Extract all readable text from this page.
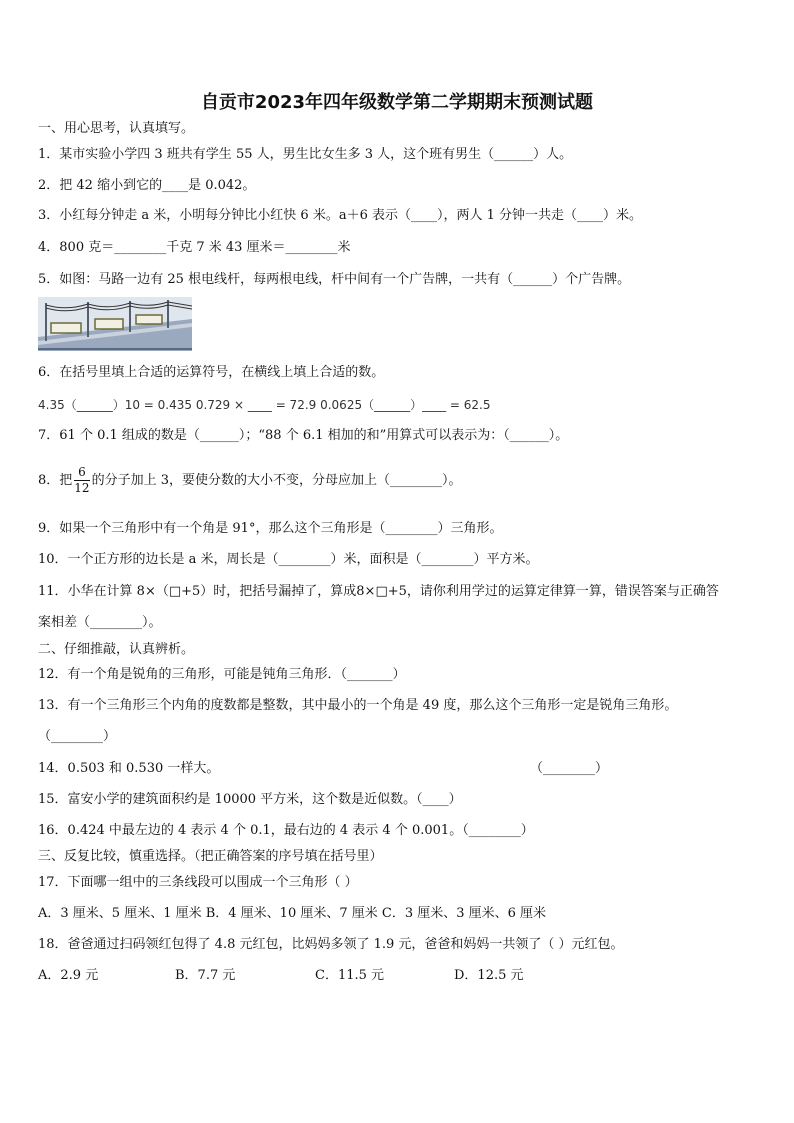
自贡市2023年四年级数学第二学期期末预测试题
一、用心思考，认真填写。
1．某市实验小学四 3 班共有学生 55 人，男生比女生多 3 人，这个班有男生（______）人。
2．把 42 缩小到它的____是 0.042。
3．小红每分钟走 a 米，小明每分钟比小红快 6 米。a＋6 表示（____），两人 1 分钟一共走（____）米。
4．800 克＝________千克 7 米 43 厘米＝________米
5．如图：马路一边有 25 根电线杆，每两根电线，杆中间有一个广告牌，一共有（______）个广告牌。
6．在括号里填上合适的运算符号，在横线上填上合适的数。
4.35（______）10 = 0.435 0.729 × ____ = 72.9 0.0625（______）____ = 62.5
7．61 个 0.1 组成的数是（______）；“88 个 6.1 相加的和”用算式可以表示为：（______）。
8．把 $\frac{6}{12}$ 的分子加上 3，要使分数的大小不变，分母应加上（________）。
9．如果一个三角形中有一个角是 91°，那么这个三角形是（________）三角形。
10．一个正方形的边长是 a 米，周长是（________）米，面积是（________）平方米。
11．小华在计算 8×（□+5）时，把括号漏掉了，算成8×□+5，请你利用学过的运算定律算一算，错误答案与正确答
案相差（________）。
二、仔细推敲，认真辨析。
12．有一个角是锐角的三角形，可能是钝角三角形．（_______）
13．有一个三角形三个内角的度数都是整数，其中最小的一个角是 49 度，那么这个三角形一定是锐角三角形。
（________）
14．0.503 和 0.530 一样大。	（________）
15．富安小学的建筑面积约是 10000 平方米，这个数是近似数。（____）
16．0.424 中最左边的 4 表示 4 个 0.1，最右边的 4 表示 4 个 0.001。（________）
三、反复比较，慎重选择。（把正确答案的序号填在括号里）
17．下面哪一组中的三条线段可以围成一个三角形（ ）
A．3 厘米、5 厘米、1 厘米 B．4 厘米、10 厘米、7 厘米 C．3 厘米、3 厘米、6 厘米
18．爸爸通过扫码领红包得了 4.8 元红包，比妈妈多领了 1.9 元，爸爸和妈妈一共领了（ ）元红包。
A．2.9 元	B．7.7 元	C．11.5 元	D．12.5 元
